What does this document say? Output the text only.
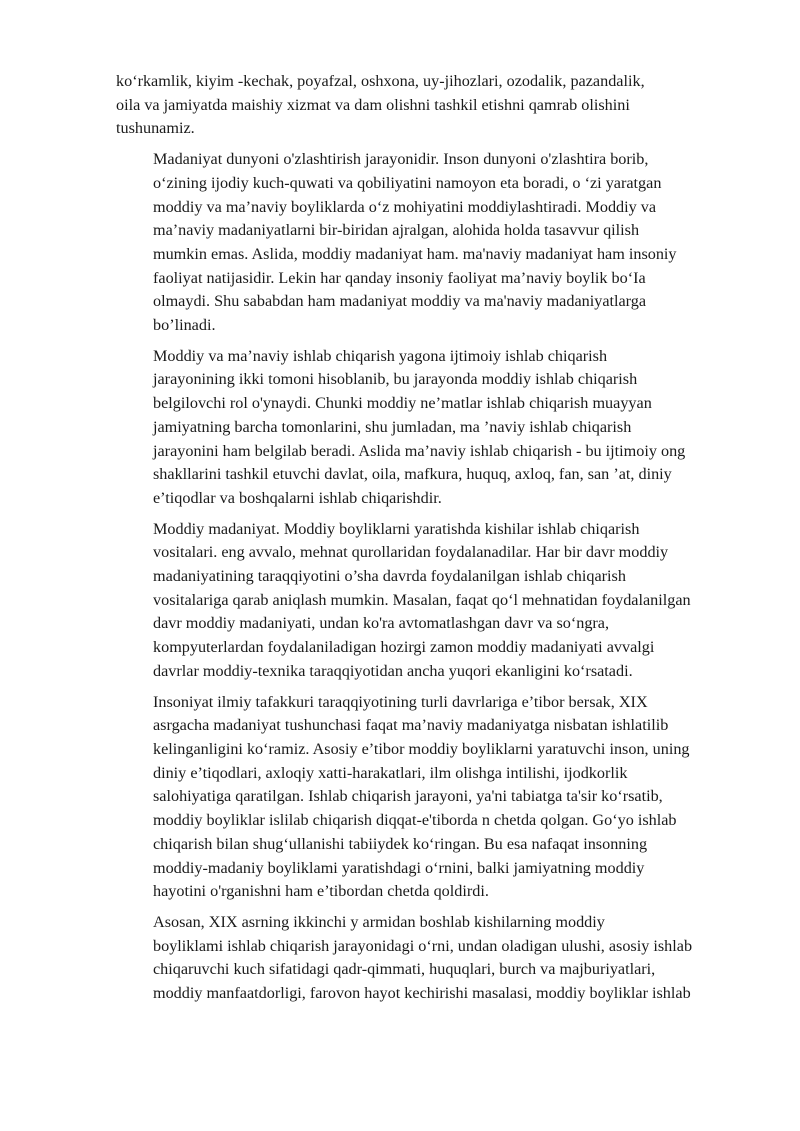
ko‘rkamlik, kiyim -kechak, poyafzal, oshxona, uy-jihozlari, ozodalik, pazandalik,
oila va jamiyatda maishiy xizmat va dam olishni tashkil etishni qamrab olishini
tushunamiz.

Madaniyat dunyoni o'zlashtirish jarayonidir. Inson dunyoni o'zlashtira borib,
o‘zining ijodiy kuch-quwati va qobiliyatini namoyon eta boradi, o ‘zi yaratgan
moddiy va ma’naviy boyliklarda o‘z mohiyatini moddiylashtiradi. Moddiy va
ma’naviy madaniyatlarni bir-biridan ajralgan, alohida holda tasavvur qilish
mumkin emas. Aslida, moddiy madaniyat ham. ma'naviy madaniyat ham insoniy
faoliyat natijasidir. Lekin har qanday insoniy faoliyat ma’naviy boylik bo‘Ia
olmaydi. Shu sababdan ham madaniyat moddiy va ma'naviy madaniyatlarga
bo’linadi.

Moddiy va ma’naviy ishlab chiqarish yagona ijtimoiy ishlab chiqarish
jarayonining ikki tomoni hisoblanib, bu jarayonda moddiy ishlab chiqarish
belgilovchi rol o'ynaydi. Chunki moddiy ne’matlar ishlab chiqarish muayyan
jamiyatning barcha tomonlarini, shu jumladan, ma ’naviy ishlab chiqarish
jarayonini ham belgilab beradi. Aslida ma’naviy ishlab chiqarish - bu ijtimoiy ong
shakllarini tashkil etuvchi davlat, oila, mafkura, huquq, axloq, fan, san ’at, diniy
e’tiqodlar va boshqalarni ishlab chiqarishdir.

Moddiy madaniyat. Moddiy boyliklarni yaratishda kishilar ishlab chiqarish
vositalari. eng avvalo, mehnat qurollaridan foydalanadilar. Har bir davr moddiy
madaniyatining taraqqiyotini o’sha davrda foydalanilgan ishlab chiqarish
vositalariga qarab aniqlash mumkin. Masalan, faqat qo‘l mehnatidan foydalanilgan
davr moddiy madaniyati, undan ko'ra avtomatlashgan davr va so‘ngra,
kompyuterlardan foydalaniladigan hozirgi zamon moddiy madaniyati avvalgi
davrlar moddiy-texnika taraqqiyotidan ancha yuqori ekanligini ko‘rsatadi.

Insoniyat ilmiy tafakkuri taraqqiyotining turli davrlariga e’tibor bersak, XIX
asrgacha madaniyat tushunchasi faqat ma’naviy madaniyatga nisbatan ishlatilib
kelinganligini ko‘ramiz. Asosiy e’tibor moddiy boyliklarni yaratuvchi inson, uning
diniy e’tiqodlari, axloqiy xatti-harakatlari, ilm olishga intilishi, ijodkorlik
salohiyatiga qaratilgan. Ishlab chiqarish jarayoni, ya'ni tabiatga ta'sir ko‘rsatib,
moddiy boyliklar islilab chiqarish diqqat-e'tiborda n chetda qolgan. Go‘yo ishlab
chiqarish bilan shug‘ullanishi tabiiydek ko‘ringan. Bu esa nafaqat insonning
moddiy-madaniy boyliklami yaratishdagi o‘rnini, balki jamiyatning moddiy
hayotini o'rganishni ham e’tibordan chetda qoldirdi.

Asosan, XIX asrning ikkinchi y armidan boshlab kishilarning moddiy
boyliklami ishlab chiqarish jarayonidagi o‘rni, undan oladigan ulushi, asosiy ishlab
chiqaruvchi kuch sifatidagi qadr-qimmati, huquqlari, burch va majburiyatlari,
moddiy manfaatdorligi, farovon hayot kechirishi masalasi, moddiy boyliklar ishlab
